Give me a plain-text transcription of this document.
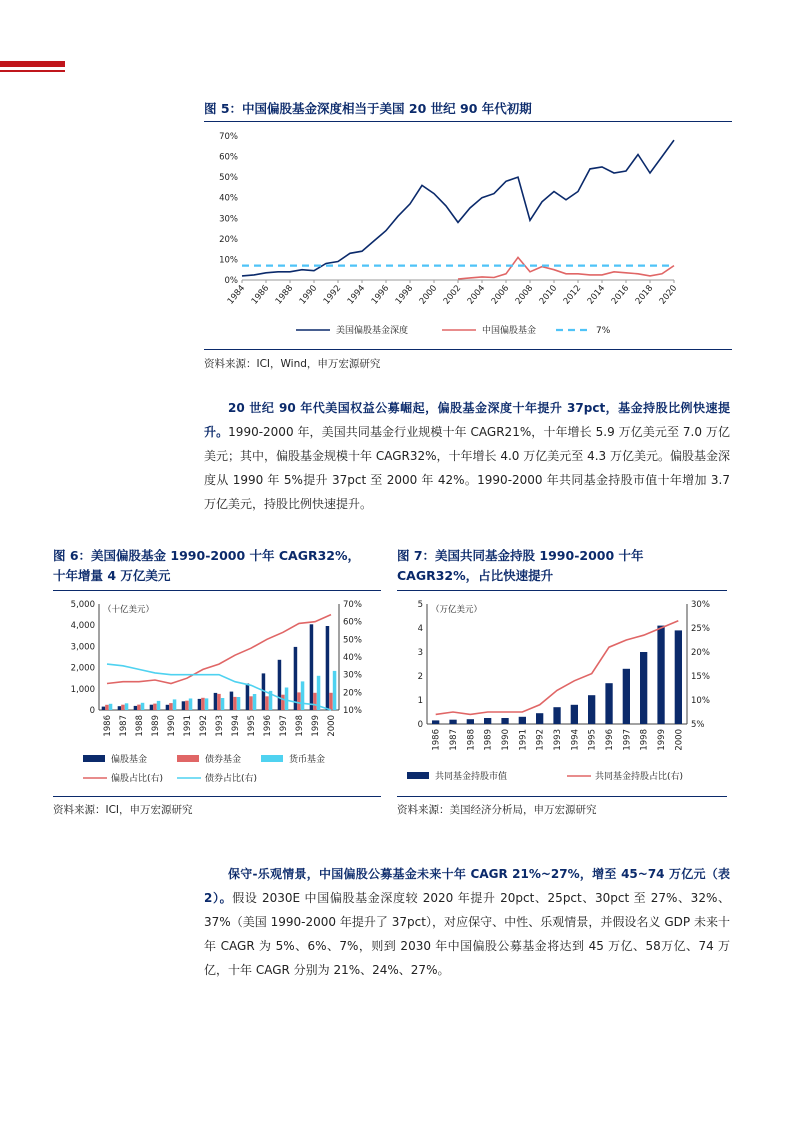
图 5：中国偏股基金深度相当于美国 20 世纪 90 年代初期
0%
10%
20%
30%
40%
50%
60%
70%
1984 1986 1988 1990 1992 1994 1996 1998 2000 2002 2004 2006 2008 2010 2012 2014 2016 2018 2020
美国偏股基金深度	中国偏股基金	7%
资料来源：ICI，Wind，申万宏源研究
20 世纪 90 年代美国权益公募崛起，偏股基金深度十年提升 37pct，基金持股比例快速提升。1990-2000 年，美国共同基金行业规模十年 CAGR21%，十年增长 5.9 万亿美元至 7.0 万亿美元；其中，偏股基金规模十年 CAGR32%，十年增长 4.0 万亿美元至 4.3 万亿美元。偏股基金深度从 1990 年 5%提升 37pct 至 2000 年 42%。1990-2000 年共同基金持股市值十年增加 3.7 万亿美元，持股比例快速提升。
图 6：美国偏股基金 1990-2000 十年 CAGR32%，
十年增量 4 万亿美元
0
1,000
2,000
3,000
4,000
5,000
10%
20%
30%
40%
50%
60%
70%
（十亿美元）
1986 1987 1988 1989 1990 1991 1992 1993 1994 1995 1996 1997 1998 1999 2000
偏股基金	债券基金	货币基金
偏股占比(右)	债券占比(右)
资料来源：ICI，申万宏源研究
图 7：美国共同基金持股 1990-2000 十年
CAGR32%，占比快速提升
0
1
2
3
4
5
5%
10%
15%
20%
25%
30%
（万亿美元）
1986 1987 1988 1989 1990 1991 1992 1993 1994 1995 1996 1997 1998 1999 2000
共同基金持股市值	共同基金持股占比(右)
资料来源：美国经济分析局，申万宏源研究
保守-乐观情景，中国偏股公募基金未来十年 CAGR 21%~27%，增至 45~74 万亿元（表 2）。假设 2030E 中国偏股基金深度较 2020 年提升 20pct、25pct、30pct 至 27%、32%、37%（美国 1990-2000 年提升了 37pct），对应保守、中性、乐观情景，并假设名义 GDP 未来十年 CAGR 为 5%、6%、7%，则到 2030 年中国偏股公募基金将达到 45 万亿、58万亿、74 万亿，十年 CAGR 分别为 21%、24%、27%。
